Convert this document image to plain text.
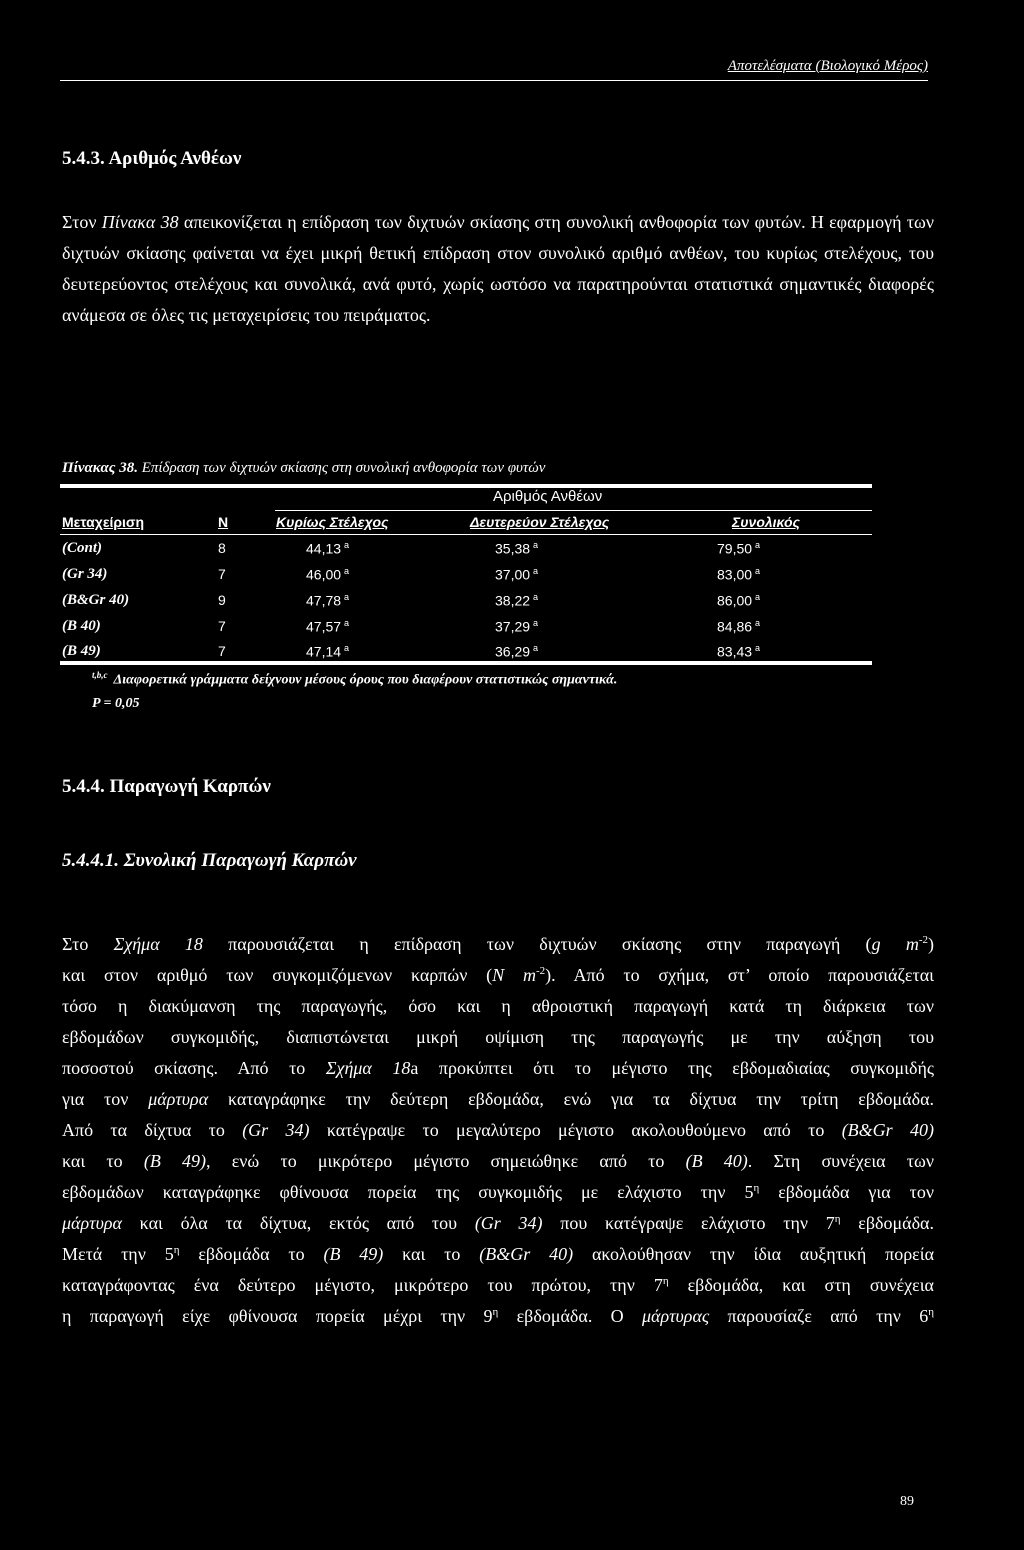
Αποτελέσματα (Βιολογικό Μέρος)
5.4.3. Αριθμός Ανθέων

Στον Πίνακα 38 απεικονίζεται η επίδραση των διχτυών σκίασης στη συνολική ανθοφορία των φυτών. Η εφαρμογή των διχτυών σκίασης φαίνεται να έχει μικρή θετική επίδραση στον συνολικό αριθμό ανθέων, του κυρίως στελέχους, του δευτερεύοντος στελέχους και συνολικά, ανά φυτό, χωρίς ωστόσο να παρατηρούνται στατιστικά σημαντικές διαφορές ανάμεσα σε όλες τις μεταχειρίσεις του πειράματος.

Πίνακας 38. Επίδραση των διχτυών σκίασης στη συνολική ανθοφορία των φυτών
Αριθμός Ανθέων
Μεταχείριση	N	Κυρίως Στέλεχος	Δευτερεύον Στέλεχος	Συνολικός
(Cont)	8	44,13 $^a$	35,38 $^a$	79,50 $^a$
(Gr 34)	7	46,00 $^a$	37,00 $^a$	83,00 $^a$
(B&Gr 40)	9	47,78 $^a$	38,22 $^a$	86,00 $^a$
(B 40)	7	47,57 $^a$	37,29 $^a$	84,86 $^a$
(B 49)	7	47,14 $^a$	36,29 $^a$	83,43 $^a$
$^{t,b,c}$ Διαφορετικά γράμματα δείχνουν μέσους όρους που διαφέρουν στατιστικώς σημαντικά.
P = 0,05
5.4.4. Παραγωγή Καρπών
5.4.4.1. Συνολική Παραγωγή Καρπών
Στο Σχήμα 18 παρουσιάζεται η επίδραση των διχτυών σκίασης στην παραγωγή (g $m^{-2}$)
και στον αριθμό των συγκομιζόμενων καρπών (N $m^{-2}$). Από το σχήμα, στ’ οποίο παρουσιάζεται
τόσο η διακύμανση της παραγωγής, όσο και η αθροιστική παραγωγή κατά τη διάρκεια των
εβδομάδων συγκομιδής, διαπιστώνεται μικρή οψίμιση της παραγωγής με την αύξηση του
ποσοστού σκίασης. Από το Σχήμα 18a προκύπτει ότι το μέγιστο της εβδομαδιαίας συγκομιδής
για τον μάρτυρα καταγράφηκε την δεύτερη εβδομάδα, ενώ για τα δίχτυα την τρίτη εβδομάδα.
Από τα δίχτυα το (Gr 34) κατέγραψε το μεγαλύτερο μέγιστο ακολουθούμενο από το (B&Gr 40)
και το (B 49), ενώ το μικρότερο μέγιστο σημειώθηκε από το (B 40). Στη συνέχεια των
εβδομάδων καταγράφηκε φθίνουσα πορεία της συγκομιδής με ελάχιστο την $5^\eta$ εβδομάδα για τον
μάρτυρα και όλα τα δίχτυα, εκτός από του (Gr 34) που κατέγραψε ελάχιστο την $7^\eta$ εβδομάδα.
Μετά την $5^\eta$ εβδομάδα το (B 49) και το (B&Gr 40) ακολούθησαν την ίδια αυξητική πορεία
καταγράφοντας ένα δεύτερο μέγιστο, μικρότερο του πρώτου, την $7^\eta$ εβδομάδα, και στη συνέχεια
η παραγωγή είχε φθίνουσα πορεία μέχρι την $9^\eta$ εβδομάδα. Ο μάρτυρας παρουσίαζε από την $6^\eta$
89
